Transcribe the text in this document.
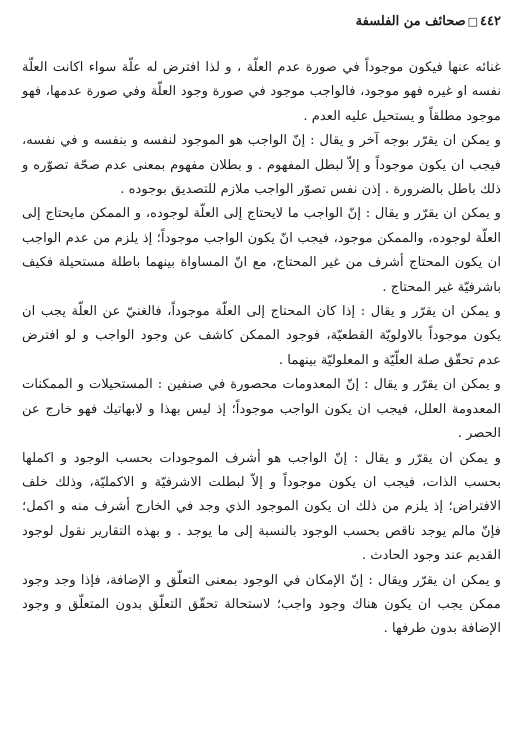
٤٤٢□صحائف من الفلسفة

غنائه عنها فيكون موجوداً في صورة عدم العلّة ، و لذا افترض له علّة سواء اكانت العلّة نفسه او غيره فهو موجود، فالواجب موجود في صورة وجود العلّة وفي صورة عدمها، فهو موجود مطلقاً و يستحيل عليه العدم .

و يمكن ان يقرّر بوجه آخر و يقال : إنّ الواجب هو الموجود لنفسه و بنفسه و في نفسه، فيجب ان يكون موجوداً و إلاّ لبطل المفهوم . و بطلان مفهوم بمعنى عدم صحّة تصوّره و ذلك باطل بالضرورة . إذن نفس تصوّر الواجب ملازم للتصديق بوجوده .

و يمكن ان يقرّر و يقال : إنّ الواجب ما لايحتاج إلى العلّة لوجوده، و الممكن مايحتاج إلى العلّة لوجوده، والممكن موجود، فيجب انّ يكون الواجب موجوداً؛ إذ يلزم من عدم الواجب ان يكون المحتاج أشرف من غير المحتاج، مع انّ المساواة بينهما باطلة مستحيلة فكيف باشرفيّة غير المحتاج .

و يمكن ان يقرّر و يقال : إذا كان المحتاج إلى العلّة موجوداً، فالغنيّ عن العلّة يجب ان يكون موجوداً بالاولويّة القطعيّة، فوجود الممكن كاشف عن وجود الواجب و لو افترض عدم تحقّق صلة العلّيّة و المعلوليّة بينهما .

و يمكن ان يقرّر و يقال : إنّ المعدومات محصورة في صنفين : المستحيلات و الممكنات المعدومة العلل، فيجب ان يكون الواجب موجوداً؛ إذ ليس بهذا و لابهاتيك فهو خارج عن الحصر .

و يمكن ان يقرّر و يقال : إنّ الواجب هو أشرف الموجودات بحسب الوجود و اكملها بحسب الذات، فيجب ان يكون موجوداً و إلاّ لبطلت الاشرفيّة و الاكمليّة، وذلك خلف الافتراض؛ إذ يلزم من ذلك ان يكون الموجود الذي وجد في الخارج أشرف منه و اكمل؛ فإنّ مالم يوجد ناقص بحسب الوجود بالنسبة إلى ما يوجد . و بهذه التقارير نقول لوجود القديم عند وجود الحادث .

و يمكن ان يقرّر ويقال : إنّ الإمكان في الوجود بمعنى التعلّق و الإضافة، فإذا وجد وجود ممكن يجب ان يكون هناك وجود واجب؛ لاستحالة تحقّق التعلّق بدون المتعلّق و وجود الإضافة بدون طرفها .
